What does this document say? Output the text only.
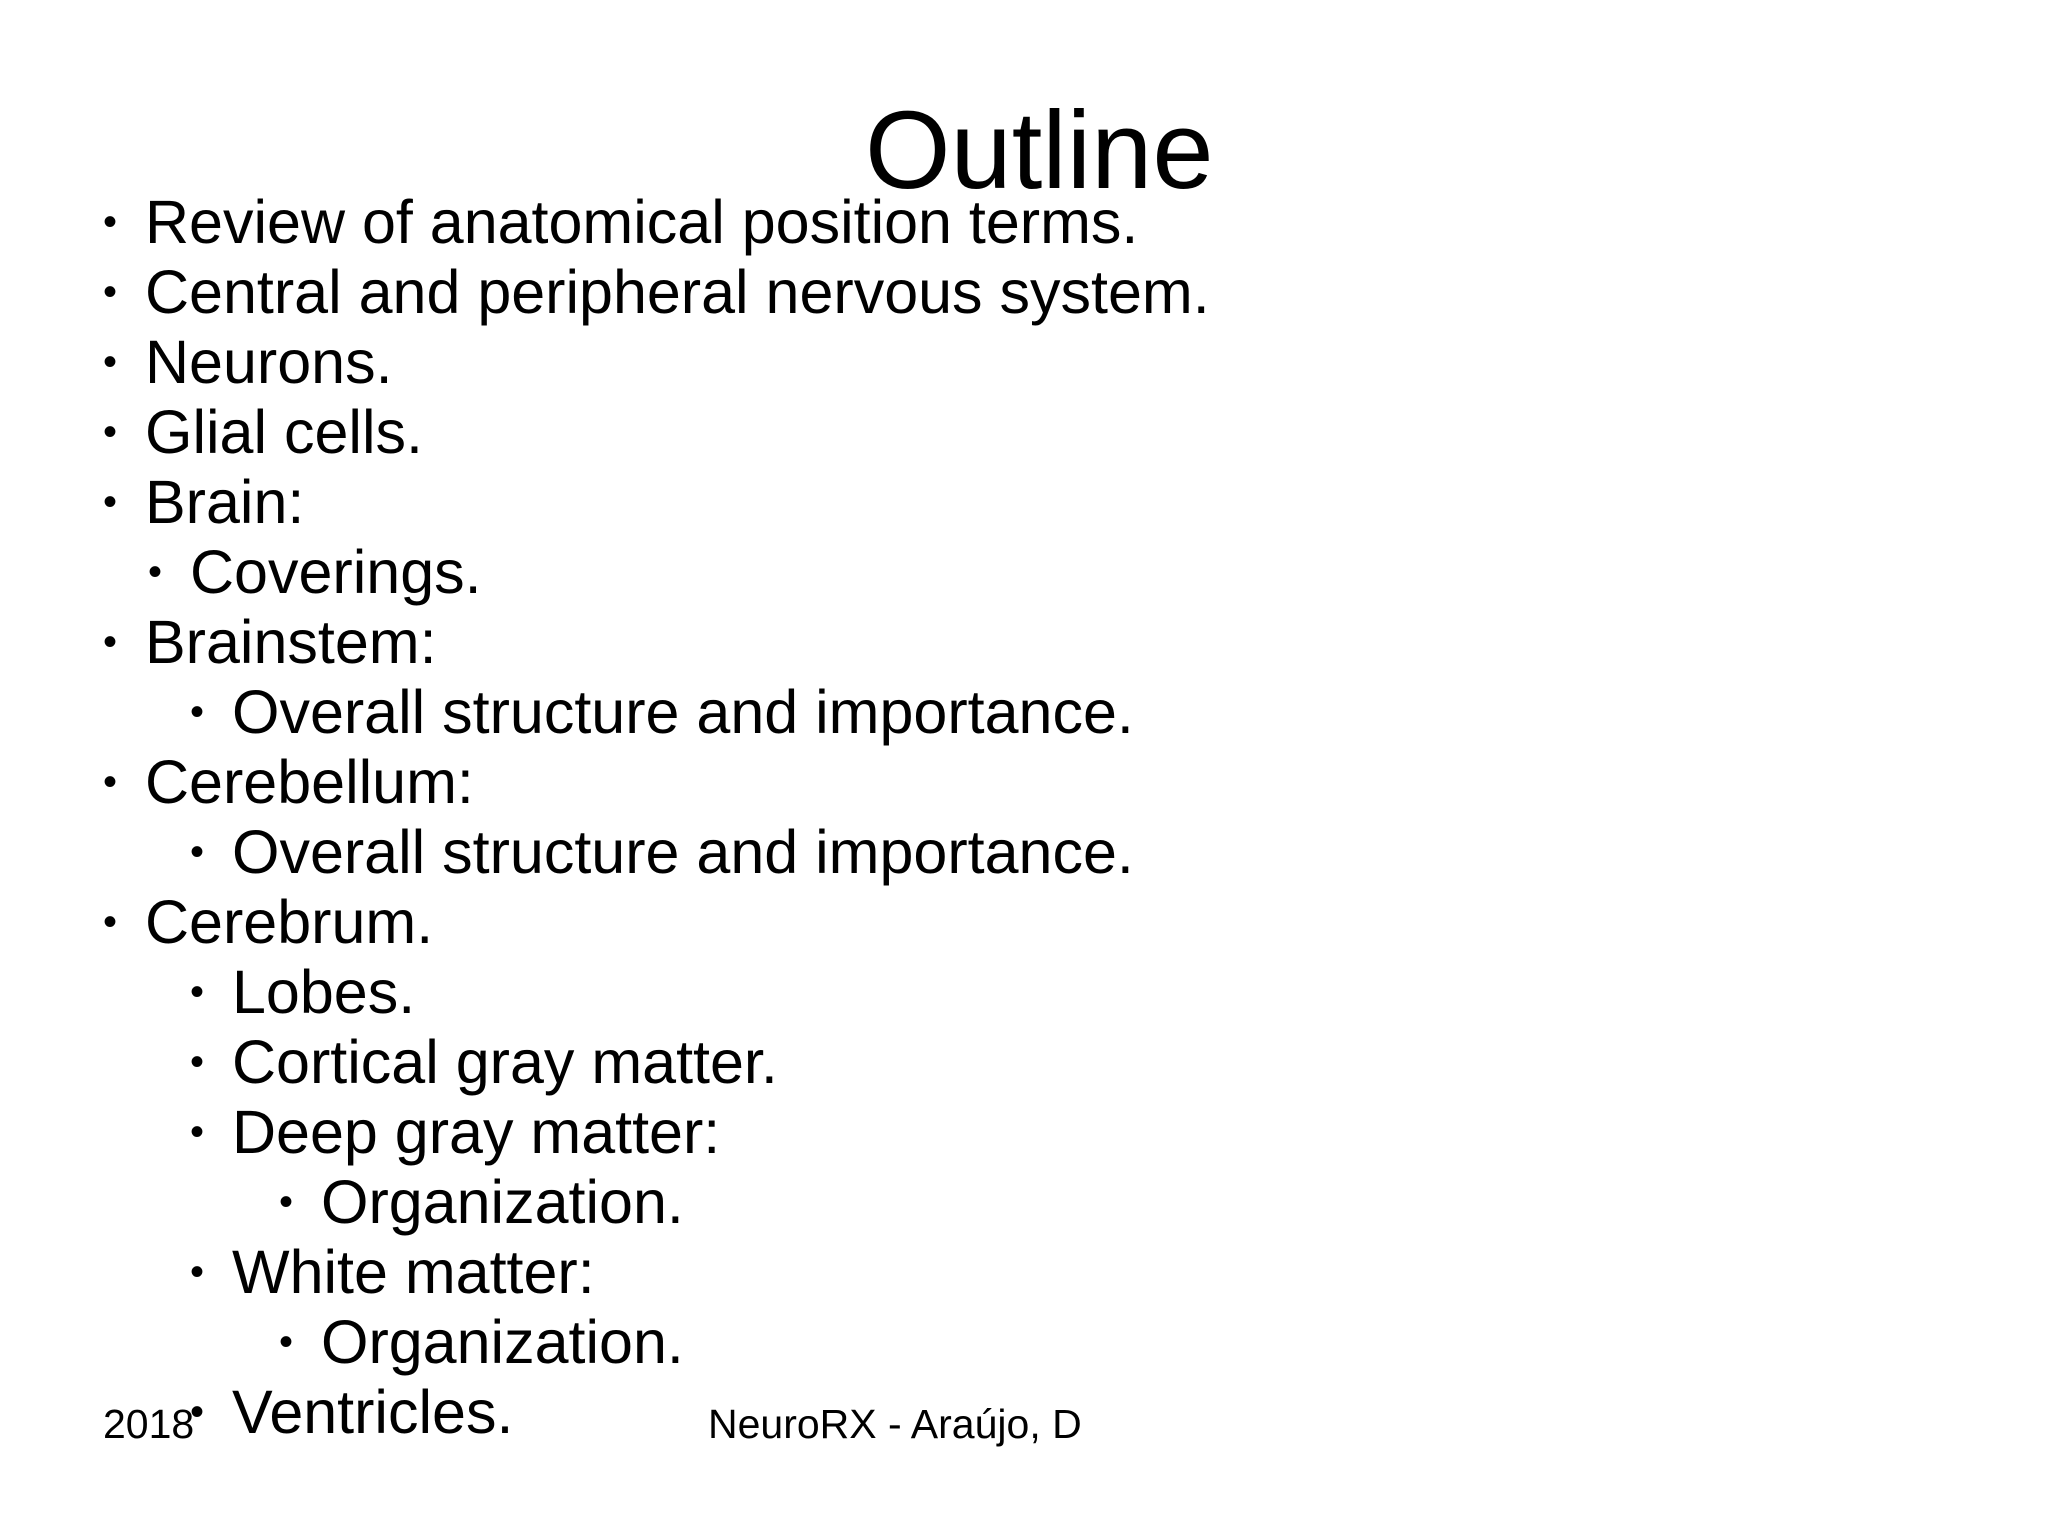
Outline
• Review of anatomical position terms.
• Central and peripheral nervous system.
• Neurons.
• Glial cells.
• Brain:
• Coverings.
• Brainstem:
• Overall structure and importance.
• Cerebellum:
• Overall structure and importance.
• Cerebrum.
• Lobes.
• Cortical gray matter.
• Deep gray matter:
• Organization.
• White matter:
• Organization.
• Ventricles.
2018	NeuroRX - Araújo, D
